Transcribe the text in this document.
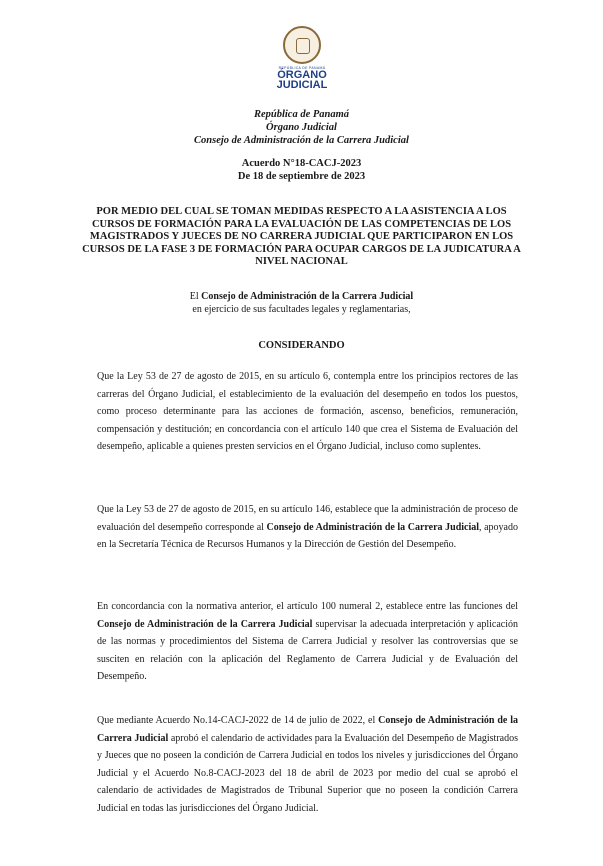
REPÚBLICA DE PANAMÁ
ÓRGANO
JUDICIAL
República de Panamá
Órgano Judicial
Consejo de Administración de la Carrera Judicial
Acuerdo N°18-CACJ-2023
De 18 de septiembre de 2023
POR MEDIO DEL CUAL SE TOMAN MEDIDAS RESPECTO A LA ASISTENCIA A LOS CURSOS DE FORMACIÓN PARA LA EVALUACIÓN DE LAS COMPETENCIAS DE LOS MAGISTRADOS Y JUECES DE NO CARRERA JUDICIAL QUE PARTICIPARON EN LOS CURSOS DE LA FASE 3 DE FORMACIÓN PARA OCUPAR CARGOS DE LA JUDICATURA A NIVEL NACIONAL
El Consejo de Administración de la Carrera Judicial
en ejercicio de sus facultades legales y reglamentarias,
CONSIDERANDO

Que la Ley 53 de 27 de agosto de 2015, en su artículo 6, contempla entre los principios rectores de las carreras del Órgano Judicial, el establecimiento de la evaluación del desempeño en todos los puestos, como proceso determinante para las acciones de formación, ascenso, beneficios, remuneración, compensación y destitución; en concordancia con el artículo 140 que crea el Sistema de Evaluación del desempeño, aplicable a quienes presten servicios en el Órgano Judicial, incluso como suplentes.

Que la Ley 53 de 27 de agosto de 2015, en su artículo 146, establece que la administración de proceso de evaluación del desempeño corresponde al Consejo de Administración de la Carrera Judicial, apoyado en la Secretaría Técnica de Recursos Humanos y la Dirección de Gestión del Desempeño.

En concordancia con la normativa anterior, el artículo 100 numeral 2, establece entre las funciones del Consejo de Administración de la Carrera Judicial supervisar la adecuada interpretación y aplicación de las normas y procedimientos del Sistema de Carrera Judicial y resolver las controversias que se susciten en relación con la aplicación del Reglamento de Carrera Judicial y de Evaluación del Desempeño.

Que mediante Acuerdo No.14-CACJ-2022 de 14 de julio de 2022, el Consejo de Administración de la Carrera Judicial aprobó el calendario de actividades para la Evaluación del Desempeño de Magistrados y Jueces que no poseen la condición de Carrera Judicial en todos los niveles y jurisdicciones del Órgano Judicial y el Acuerdo No.8-CACJ-2023 del 18 de abril de 2023 por medio del cual se aprobó el calendario de actividades de Magistrados de Tribunal Superior que no poseen la condición Carrera Judicial en todas las jurisdicciones del Órgano Judicial.
